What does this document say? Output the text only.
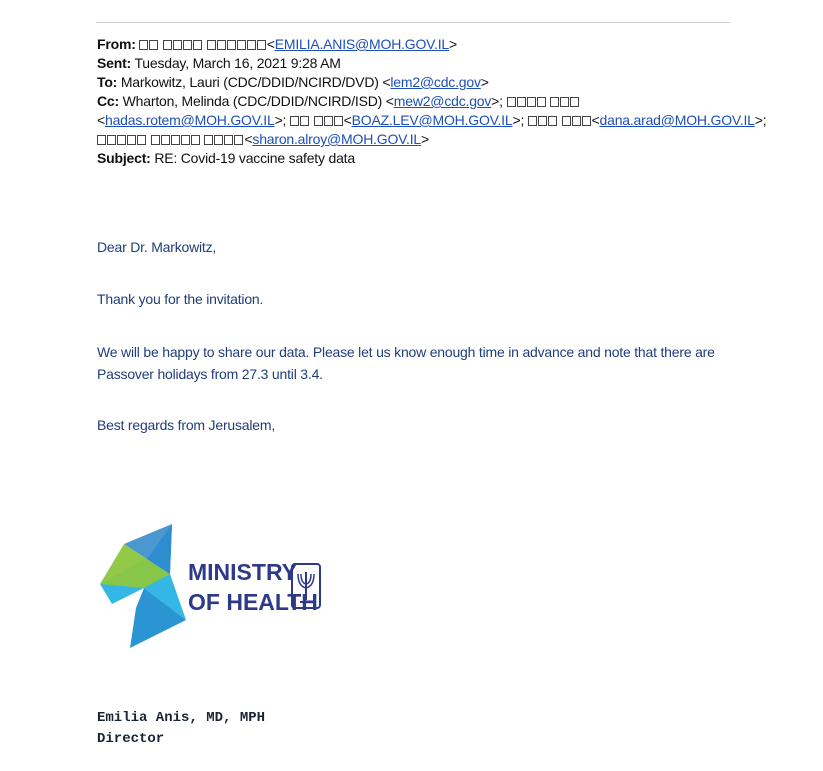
From:	<EMILIA.ANIS@MOH.GOV.IL>
Sent: Tuesday, March 16, 2021 9:28 AM
To: Markowitz, Lauri (CDC/DDID/NCIRD/DVD) <lem2@cdc.gov>
Cc: Wharton, Melinda (CDC/DDID/NCIRD/ISD) <mew2@cdc.gov>;
<hadas.rotem@MOH.GOV.IL>;	<BOAZ.LEV@MOH.GOV.IL>;	<dana.arad@MOH.GOV.IL>;
<sharon.alroy@MOH.GOV.IL>
Subject: RE: Covid-19 vaccine safety data
Dear Dr. Markowitz,
Thank you for the invitation.
We will be happy to share our data. Please let us know enough time in advance and note that there are
Passover holidays from 27.3 until 3.4.
Best regards from Jerusalem,
MINISTRY
OF HEALTH
Emilia Anis, MD, MPH
Director
